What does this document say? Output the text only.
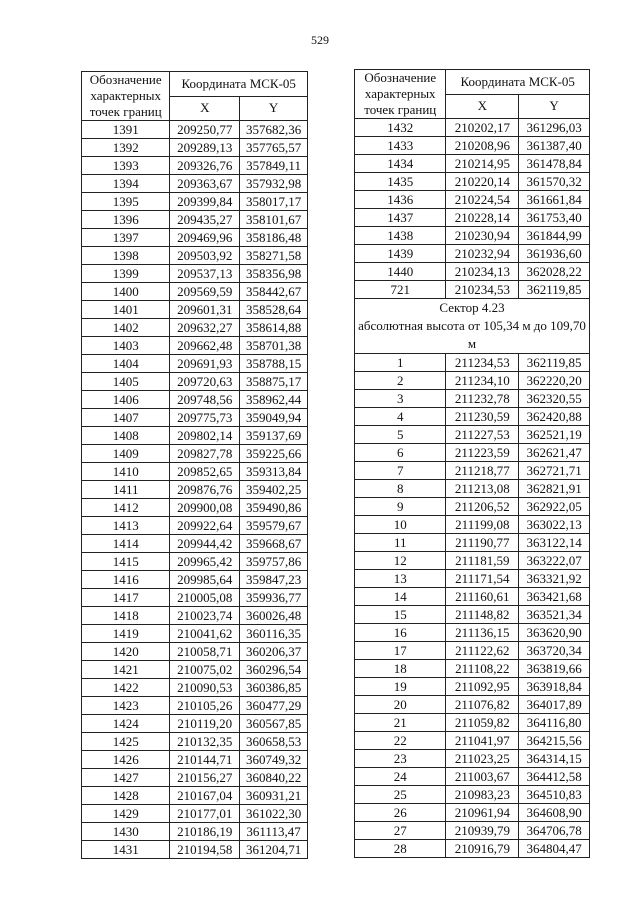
529
Обозначение характерных точек границ	Координата МСК-05	
	X	Y
1391	209250,77	357682,36
1392	209289,13	357765,57
1393	209326,76	357849,11
1394	209363,67	357932,98
1395	209399,84	358017,17
1396	209435,27	358101,67
1397	209469,96	358186,48
1398	209503,92	358271,58
1399	209537,13	358356,98
1400	209569,59	358442,67
1401	209601,31	358528,64
1402	209632,27	358614,88
1403	209662,48	358701,38
1404	209691,93	358788,15
1405	209720,63	358875,17
1406	209748,56	358962,44
1407	209775,73	359049,94
1408	209802,14	359137,69
1409	209827,78	359225,66
1410	209852,65	359313,84
1411	209876,76	359402,25
1412	209900,08	359490,86
1413	209922,64	359579,67
1414	209944,42	359668,67
1415	209965,42	359757,86
1416	209985,64	359847,23
1417	210005,08	359936,77
1418	210023,74	360026,48
1419	210041,62	360116,35
1420	210058,71	360206,37
1421	210075,02	360296,54
1422	210090,53	360386,85
1423	210105,26	360477,29
1424	210119,20	360567,85
1425	210132,35	360658,53
1426	210144,71	360749,32
1427	210156,27	360840,22
1428	210167,04	360931,21
1429	210177,01	361022,30
1430	210186,19	361113,47
1431	210194,58	361204,71
Обозначение характерных точек границ	Координата МСК-05	
	X	Y
1432	210202,17	361296,03
1433	210208,96	361387,40
1434	210214,95	361478,84
1435	210220,14	361570,32
1436	210224,54	361661,84
1437	210228,14	361753,40
1438	210230,94	361844,99
1439	210232,94	361936,60
1440	210234,13	362028,22
721	210234,53	362119,85

Сектор 4.23
абсолютная высота от 105,34 м до 109,70 м		

1	211234,53	362119,85
2	211234,10	362220,20
3	211232,78	362320,55
4	211230,59	362420,88
5	211227,53	362521,19
6	211223,59	362621,47
7	211218,77	362721,71
8	211213,08	362821,91
9	211206,52	362922,05
10	211199,08	363022,13
11	211190,77	363122,14
12	211181,59	363222,07
13	211171,54	363321,92
14	211160,61	363421,68
15	211148,82	363521,34
16	211136,15	363620,90
17	211122,62	363720,34
18	211108,22	363819,66
19	211092,95	363918,84
20	211076,82	364017,89
21	211059,82	364116,80
22	211041,97	364215,56
23	211023,25	364314,15
24	211003,67	364412,58
25	210983,23	364510,83
26	210961,94	364608,90
27	210939,79	364706,78
28	210916,79	364804,47
